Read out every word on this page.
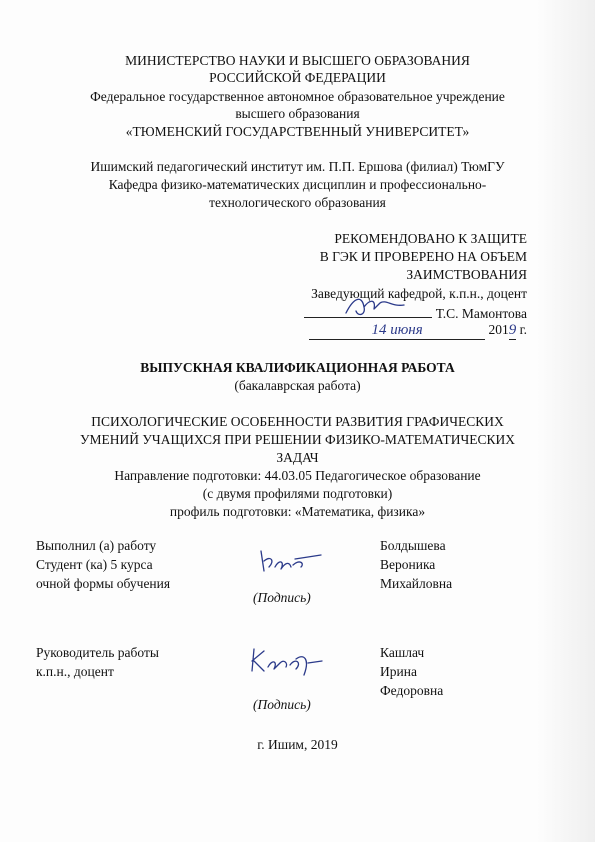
МИНИСТЕРСТВО НАУКИ И ВЫСШЕГО ОБРАЗОВАНИЯ
РОССИЙСКОЙ ФЕДЕРАЦИИ
Федеральное государственное автономное образовательное учреждение
высшего образования
«ТЮМЕНСКИЙ ГОСУДАРСТВЕННЫЙ УНИВЕРСИТЕТ»
Ишимский педагогический институт им. П.П. Ершова (филиал) ТюмГУ
Кафедра физико-математических дисциплин и профессионально-
технологического образования
РЕКОМЕНДОВАНО К ЗАЩИТЕ
В ГЭК И ПРОВЕРЕНО НА ОБЪЕМ
ЗАИМСТВОВАНИЯ
Заведующий кафедрой, к.п.н., доцент
Т.С. Мамонтова
14 июня	2019 г.
ВЫПУСКНАЯ КВАЛИФИКАЦИОННАЯ РАБОТА
(бакалаврская работа)
ПСИХОЛОГИЧЕСКИЕ ОСОБЕННОСТИ РАЗВИТИЯ ГРАФИЧЕСКИХ
УМЕНИЙ УЧАЩИХСЯ ПРИ РЕШЕНИИ ФИЗИКО-МАТЕМАТИЧЕСКИХ
ЗАДАЧ
Направление подготовки: 44.03.05 Педагогическое образование
(с двумя профилями подготовки)
профиль подготовки: «Математика, физика»
Выполнил (а) работу
Студент (ка) 5 курса
очной формы обучения
(Подпись)
Болдышева
Вероника
Михайловна
Руководитель работы
к.п.н., доцент
(Подпись)
Кашлач
Ирина
Федоровна
г. Ишим, 2019
